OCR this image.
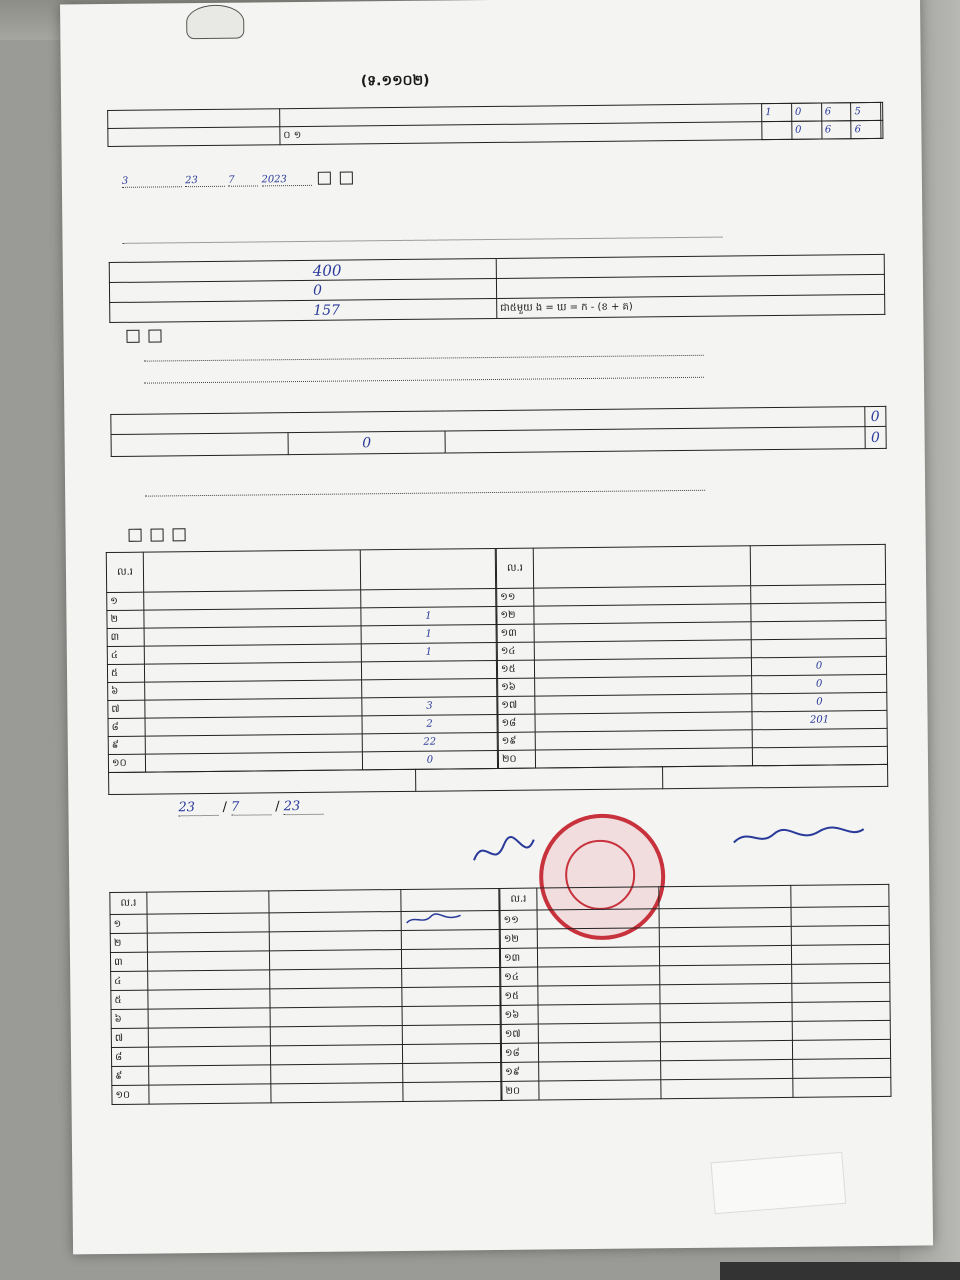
(ទ.១១០២)

	០ ១
1	0	6	5
	0	6	6
3	23	7	2023
400	
0	
157	ជា៥មួយ ង = ឃ = ក - (ខ + គ)

			0
	0		0

ល.រ		
១		
២		1
៣		1
៤		1
៥		
៦		
៧		3
៨		2
៩		22
១០		0
ល.រ		
១១		
១២		
១៣		
១៤		
១៥		0
១៦		0
១៧		0
១៨		201
១៩		
២០		

23 / 7 / 23
ល.រ			
១			
២			
៣			
៤			
៥			
៦			
៧			
៨			
៩			
១០			
ល.រ			
១១			
១២			
១៣			
១៤			
១៥			
១៦			
១៧			
១៨			
១៩			
២០			
